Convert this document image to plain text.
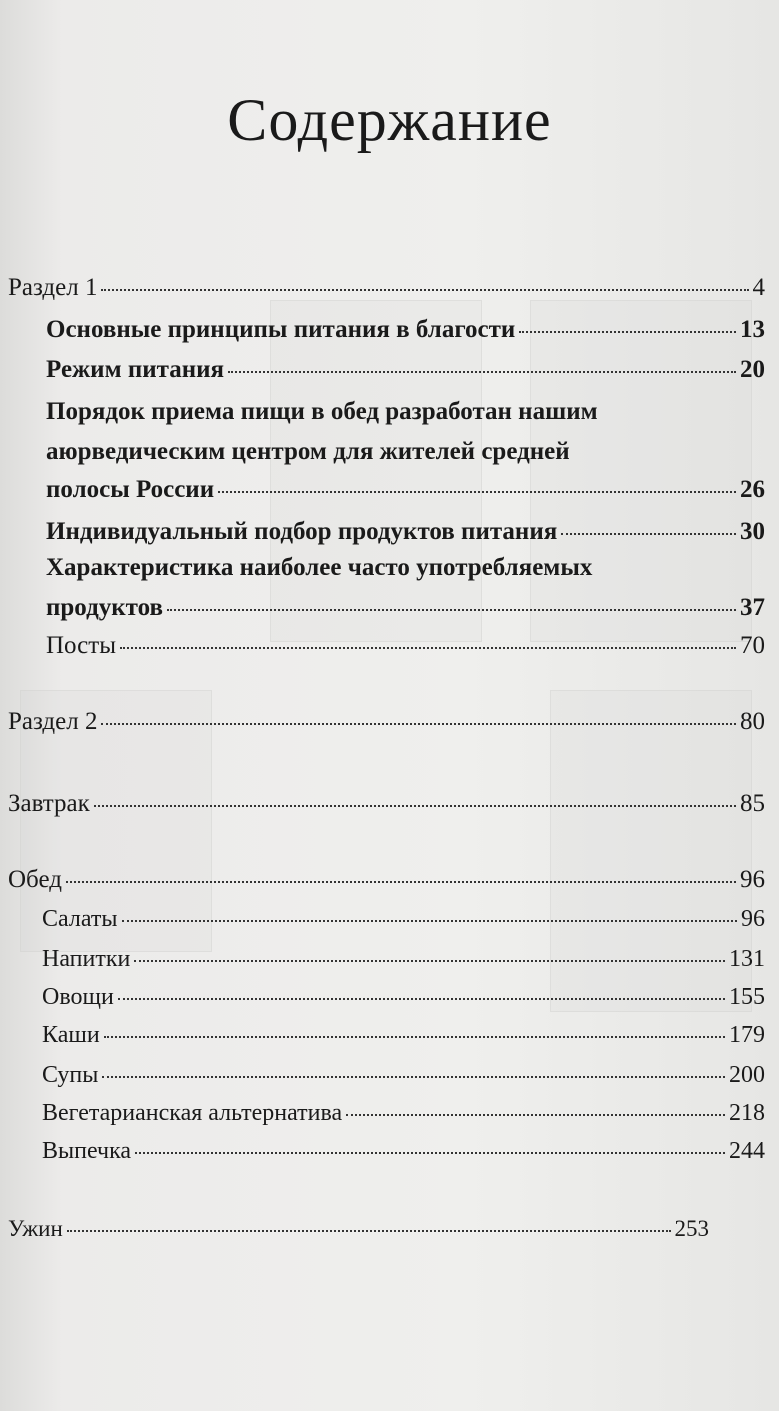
Содержание
Раздел 1	4
Основные принципы питания в благости	13
Режим питания	20
Порядок приема пищи в обед разработан нашим
аюрведическим центром для жителей средней
полосы России	26
Индивидуальный подбор продуктов питания	30
Характеристика наиболее часто употребляемых
продуктов	37
Посты	70
Раздел 2	80
Завтрак	85
Обед	96
Салаты	96
Напитки	131
Овощи	155
Каши	179
Супы	200
Вегетарианская альтернатива	218
Выпечка	244
Ужин	253
